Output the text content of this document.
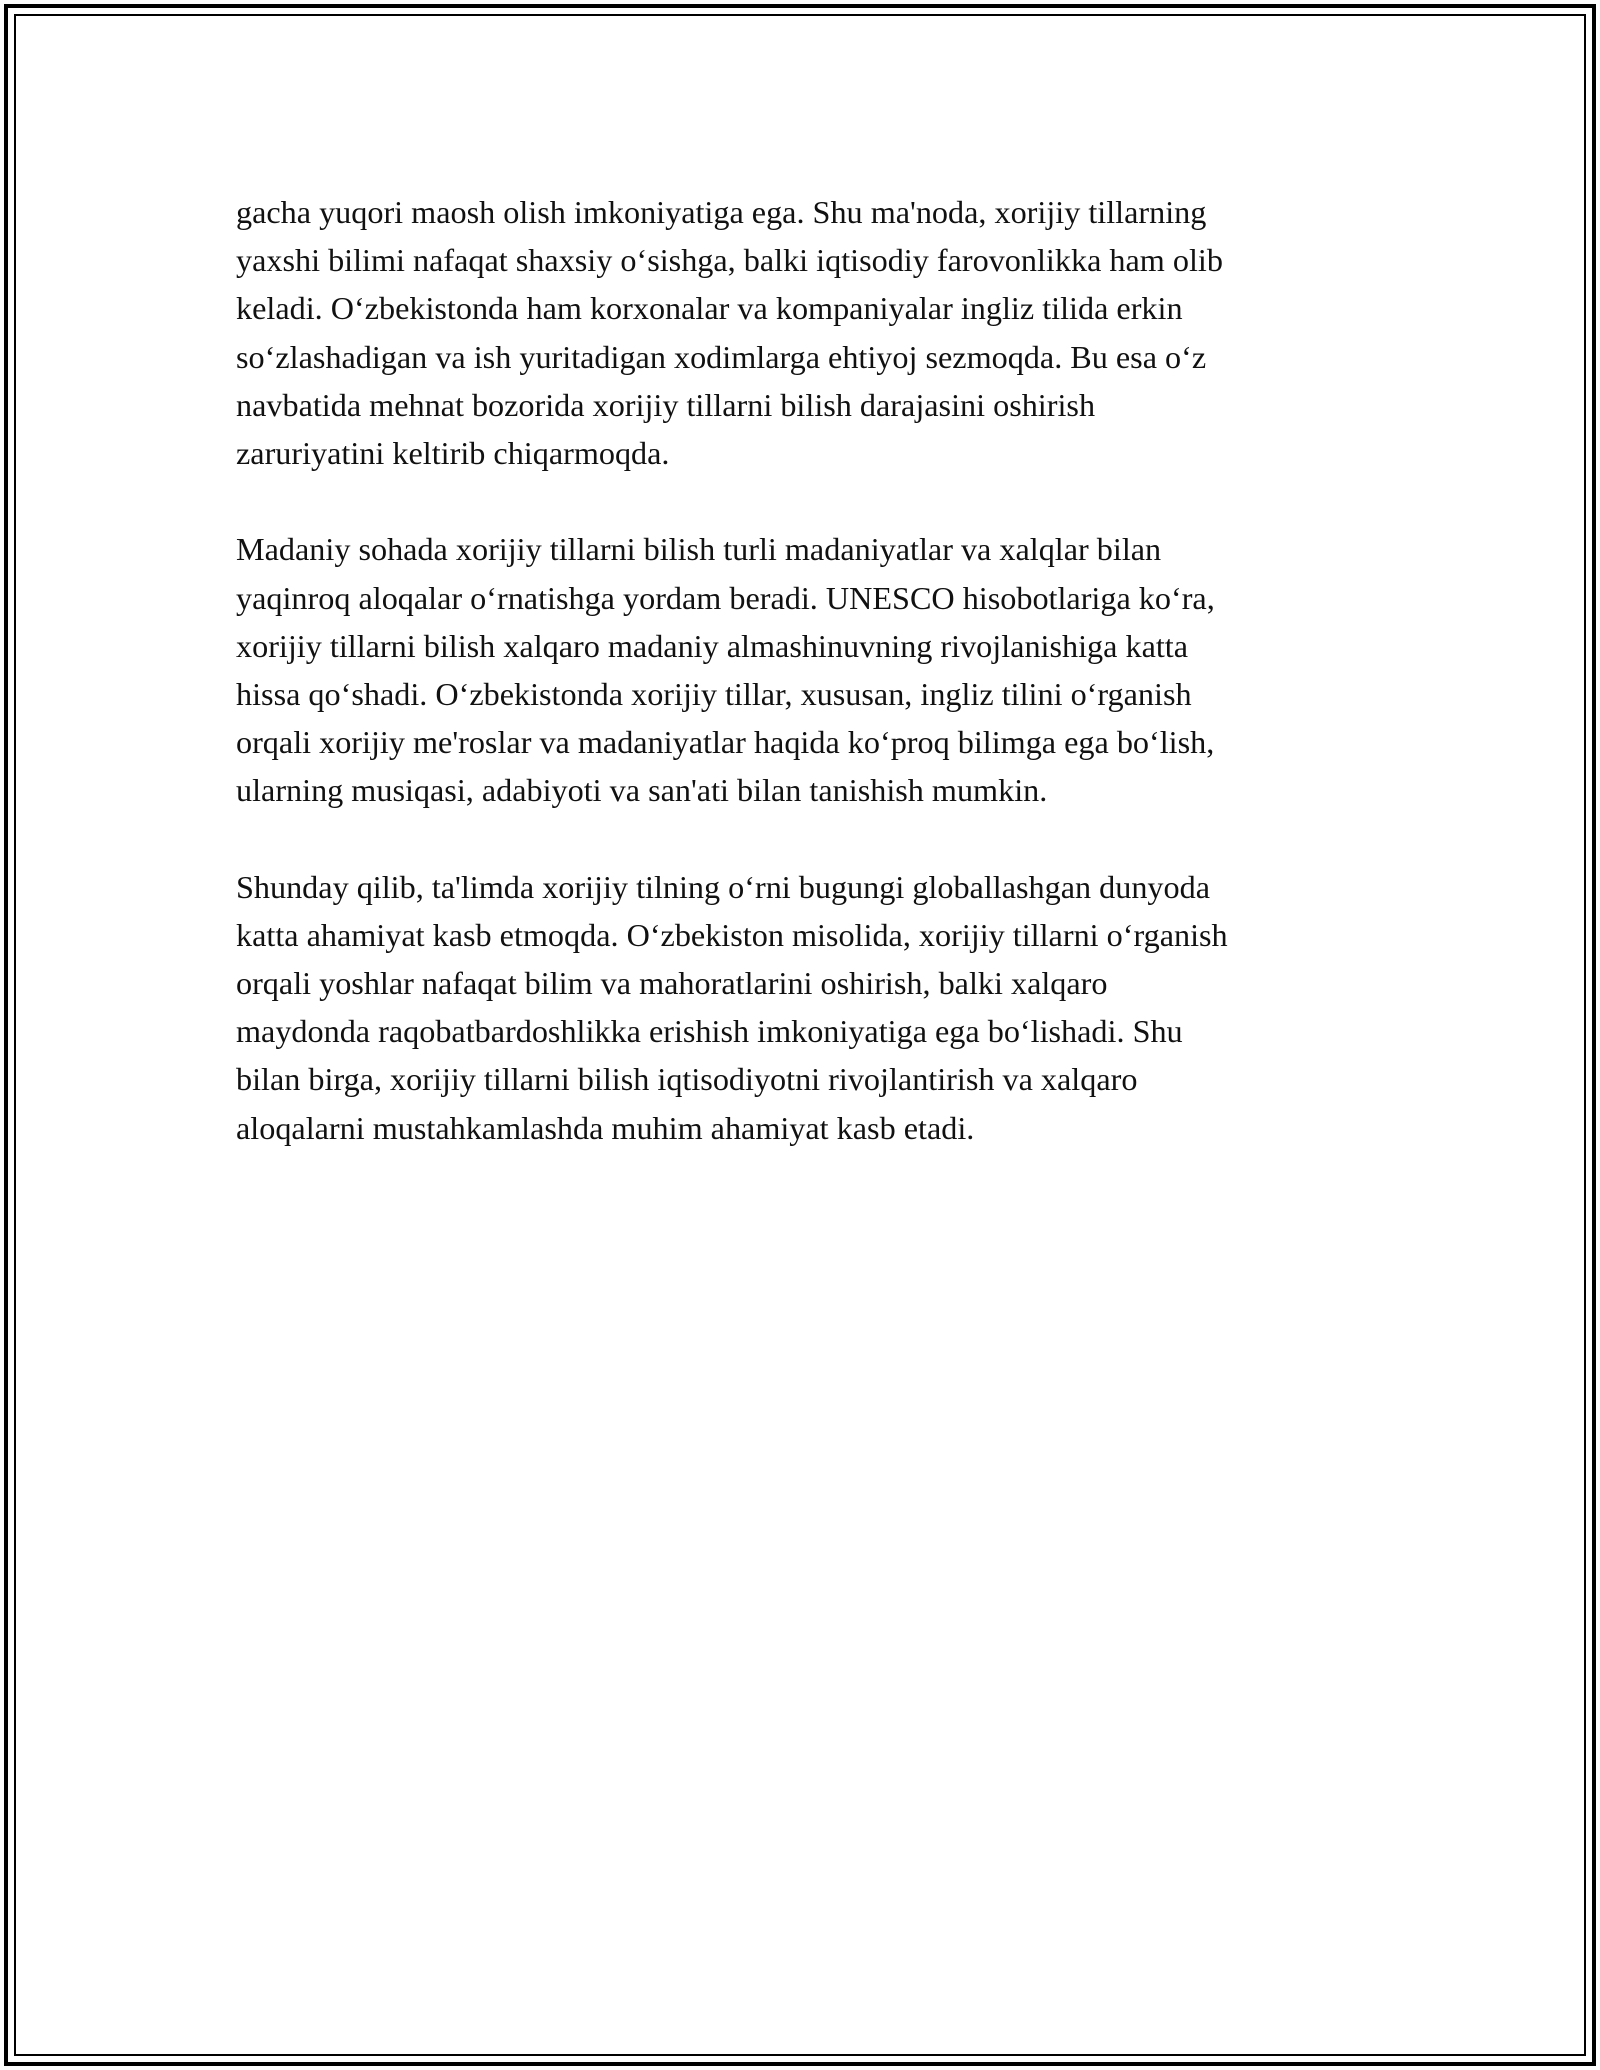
gacha yuqori maosh olish imkoniyatiga ega. Shu ma'noda, xorijiy tillarning
yaxshi bilimi nafaqat shaxsiy o‘sishga, balki iqtisodiy farovonlikka ham olib
keladi. O‘zbekistonda ham korxonalar va kompaniyalar ingliz tilida erkin
so‘zlashadigan va ish yuritadigan xodimlarga ehtiyoj sezmoqda. Bu esa o‘z
navbatida mehnat bozorida xorijiy tillarni bilish darajasini oshirish
zaruriyatini keltirib chiqarmoqda.

Madaniy sohada xorijiy tillarni bilish turli madaniyatlar va xalqlar bilan
yaqinroq aloqalar o‘rnatishga yordam beradi. UNESCO hisobotlariga ko‘ra,
xorijiy tillarni bilish xalqaro madaniy almashinuvning rivojlanishiga katta
hissa qo‘shadi. O‘zbekistonda xorijiy tillar, xususan, ingliz tilini o‘rganish
orqali xorijiy me'roslar va madaniyatlar haqida ko‘proq bilimga ega bo‘lish,
ularning musiqasi, adabiyoti va san'ati bilan tanishish mumkin.

Shunday qilib, ta'limda xorijiy tilning o‘rni bugungi globallashgan dunyoda
katta ahamiyat kasb etmoqda. O‘zbekiston misolida, xorijiy tillarni o‘rganish
orqali yoshlar nafaqat bilim va mahoratlarini oshirish, balki xalqaro
maydonda raqobatbardoshlikka erishish imkoniyatiga ega bo‘lishadi. Shu
bilan birga, xorijiy tillarni bilish iqtisodiyotni rivojlantirish va xalqaro
aloqalarni mustahkamlashda muhim ahamiyat kasb etadi.
